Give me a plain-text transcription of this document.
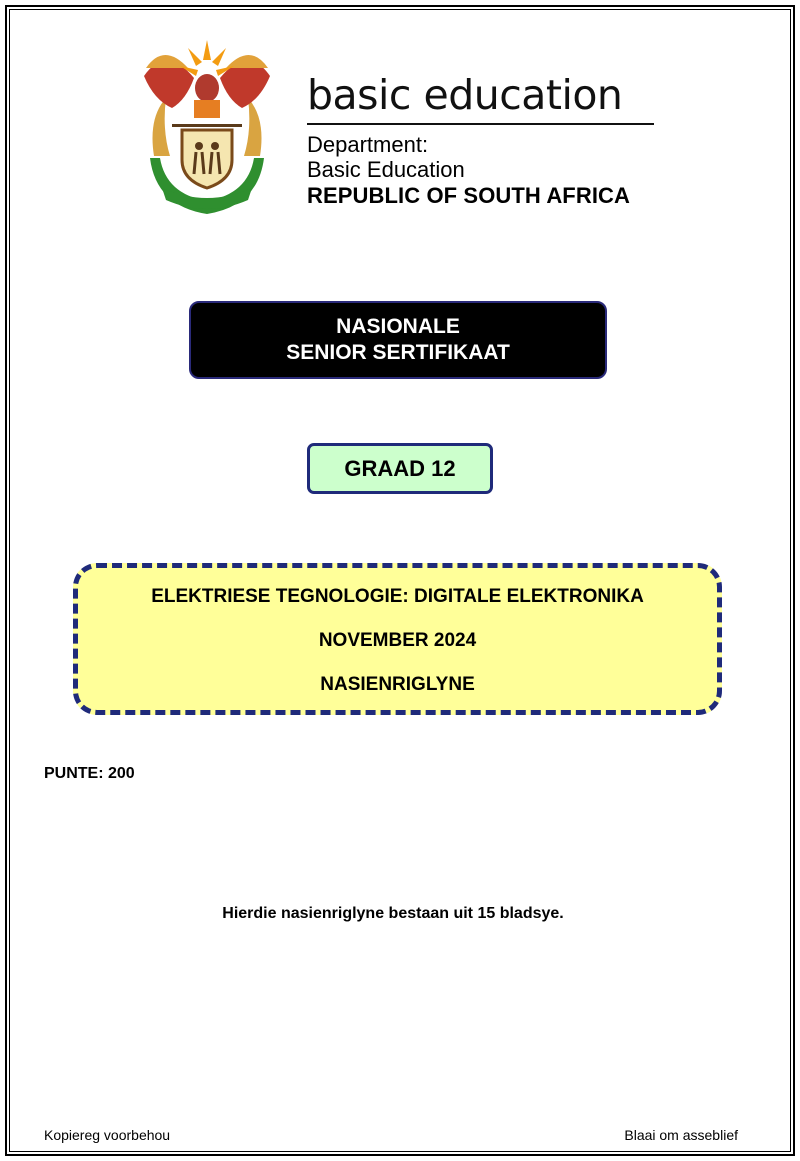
basic education
Department:
Basic Education
REPUBLIC OF SOUTH AFRICA
NASIONALE
SENIOR SERTIFIKAAT
GRAAD 12
ELEKTRIESE TEGNOLOGIE: DIGITALE ELEKTRONIKA
NOVEMBER 2024
NASIENRIGLYNE
PUNTE: 200
Hierdie nasienriglyne bestaan uit 15 bladsye.
Kopiereg voorbehou	Blaai om asseblief
